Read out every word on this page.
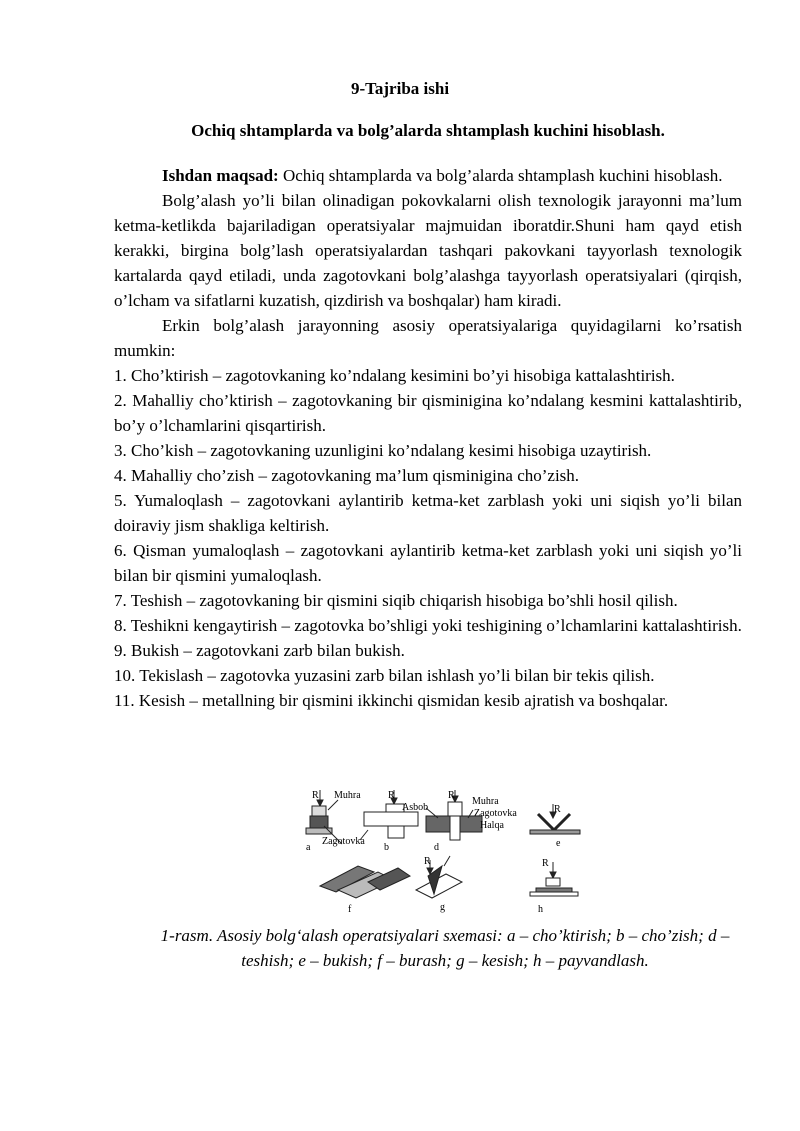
9-Tajriba ishi
Ochiq shtamplarda va bolg’alarda shtamplash kuchini hisoblash.

Ishdan maqsad: Ochiq shtamplarda va bolg’alarda shtamplash kuchini hisoblash.

Bolg’alash yo’li bilan olinadigan pokovkalarni olish texnologik jarayonni ma’lum ketma-ketlikda bajariladigan operatsiyalar majmuidan iboratdir.Shuni ham qayd etish kerakki, birgina bolg’lash operatsiyalardan tashqari pakovkani tayyorlash texnologik kartalarda qayd etiladi, unda zagotovkani bolg’alashga tayyorlash operatsiyalari (qirqish, o’lcham va sifatlarni kuzatish, qizdirish va boshqalar) ham kiradi.

Erkin bolg’alash jarayonning asosiy operatsiyalariga quyidagilarni ko’rsatish mumkin:

1. Cho’ktirish – zagotovkaning ko’ndalang kesimini bo’yi hisobiga kattalashtirish.

2. Mahalliy cho’ktirish – zagotovkaning bir qisminigina ko’ndalang kesmini kattalashtirib, bo’y o’lchamlarini qisqartirish.

3. Cho’kish – zagotovkaning uzunligini ko’ndalang kesimi hisobiga uzaytirish.

4. Mahalliy cho’zish – zagotovkaning ma’lum qisminigina cho’zish.

5. Yumaloqlash – zagotovkani aylantirib ketma-ket zarblash yoki uni siqish yo’li bilan doiraviy jism shakliga keltirish.

6. Qisman yumaloqlash – zagotovkani aylantirib ketma-ket zarblash yoki uni siqish yo’li bilan bir qismini yumaloqlash.

7. Teshish – zagotovkaning bir qismini siqib chiqarish hisobiga bo’shli hosil qilish.

8. Teshikni kengaytirish – zagotovka bo’shligi yoki teshigining o’lchamlarini kattalashtirish.

9. Bukish – zagotovkani zarb bilan bukish.

10. Tekislash – zagotovka yuzasini zarb bilan ishlash yo’li bilan bir tekis qilish.

11. Kesish – metallning bir qismini ikkinchi qismidan kesib ajratish va boshqalar.

R Muhra	R	R
Asbob
Muhra
Zagotovka
Halqa
R
Zagotovka
a	b	d	e
R	R
f	g	h
1-rasm. Asosiy bolg‘alash operatsiyalari sxemasi: a – cho’ktirish; b – cho’zish; d – teshish; e – bukish; f – burash; g – kesish; h – payvandlash.
